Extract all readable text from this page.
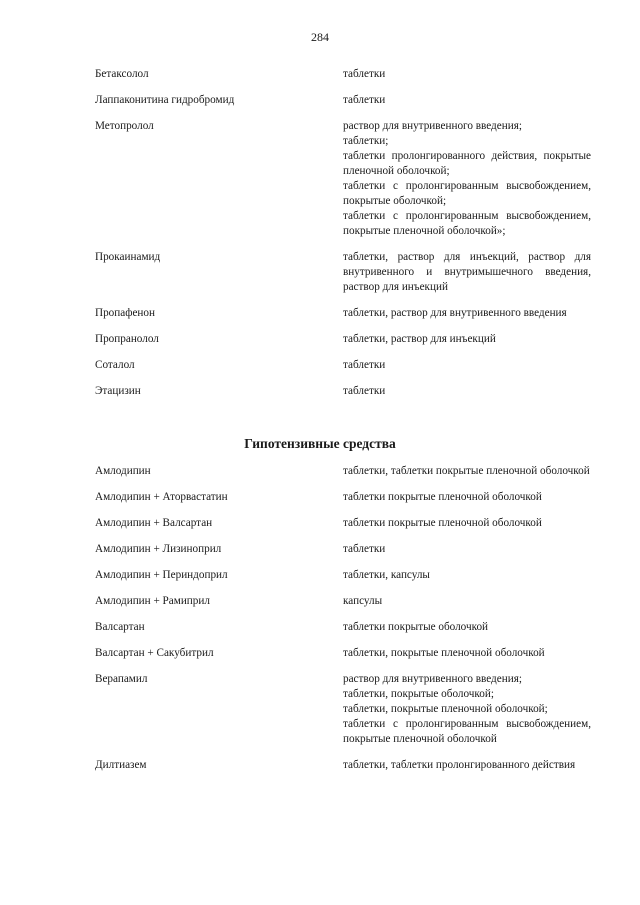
284
Бетаксолол	таблетки
Лаппаконитина гидробромид	таблетки
Метопролол	раствор для внутривенного введения;
таблетки;
таблетки пролонгированного действия, покрытые пленочной оболочкой;
таблетки с пролонгированным высвобождением, покрытые оболочкой;
таблетки с пролонгированным высвобождением, покрытые пленочной оболочкой»;
Прокаинамид	таблетки, раствор для инъекций, раствор для внутривенного и внутримышечного введения, раствор для инъекций
Пропафенон	таблетки, раствор для внутривенного введения
Пропранолол	таблетки, раствор для инъекций
Соталол	таблетки
Этацизин	таблетки
Гипотензивные средства
Амлодипин	таблетки, таблетки покрытые пленочной оболочкой
Амлодипин + Аторвастатин	таблетки покрытые пленочной оболочкой
Амлодипин + Валсартан	таблетки покрытые пленочной оболочкой
Амлодипин + Лизиноприл	таблетки
Амлодипин + Периндоприл	таблетки, капсулы
Амлодипин + Рамиприл	капсулы
Валсартан	таблетки покрытые оболочкой
Валсартан + Сакубитрил	таблетки, покрытые пленочной оболочкой
Верапамил	раствор для внутривенного введения;
таблетки, покрытые оболочкой;
таблетки, покрытые пленочной оболочкой;
таблетки с пролонгированным высвобождением, покрытые пленочной оболочкой
Дилтиазем	таблетки, таблетки пролонгированного действия
